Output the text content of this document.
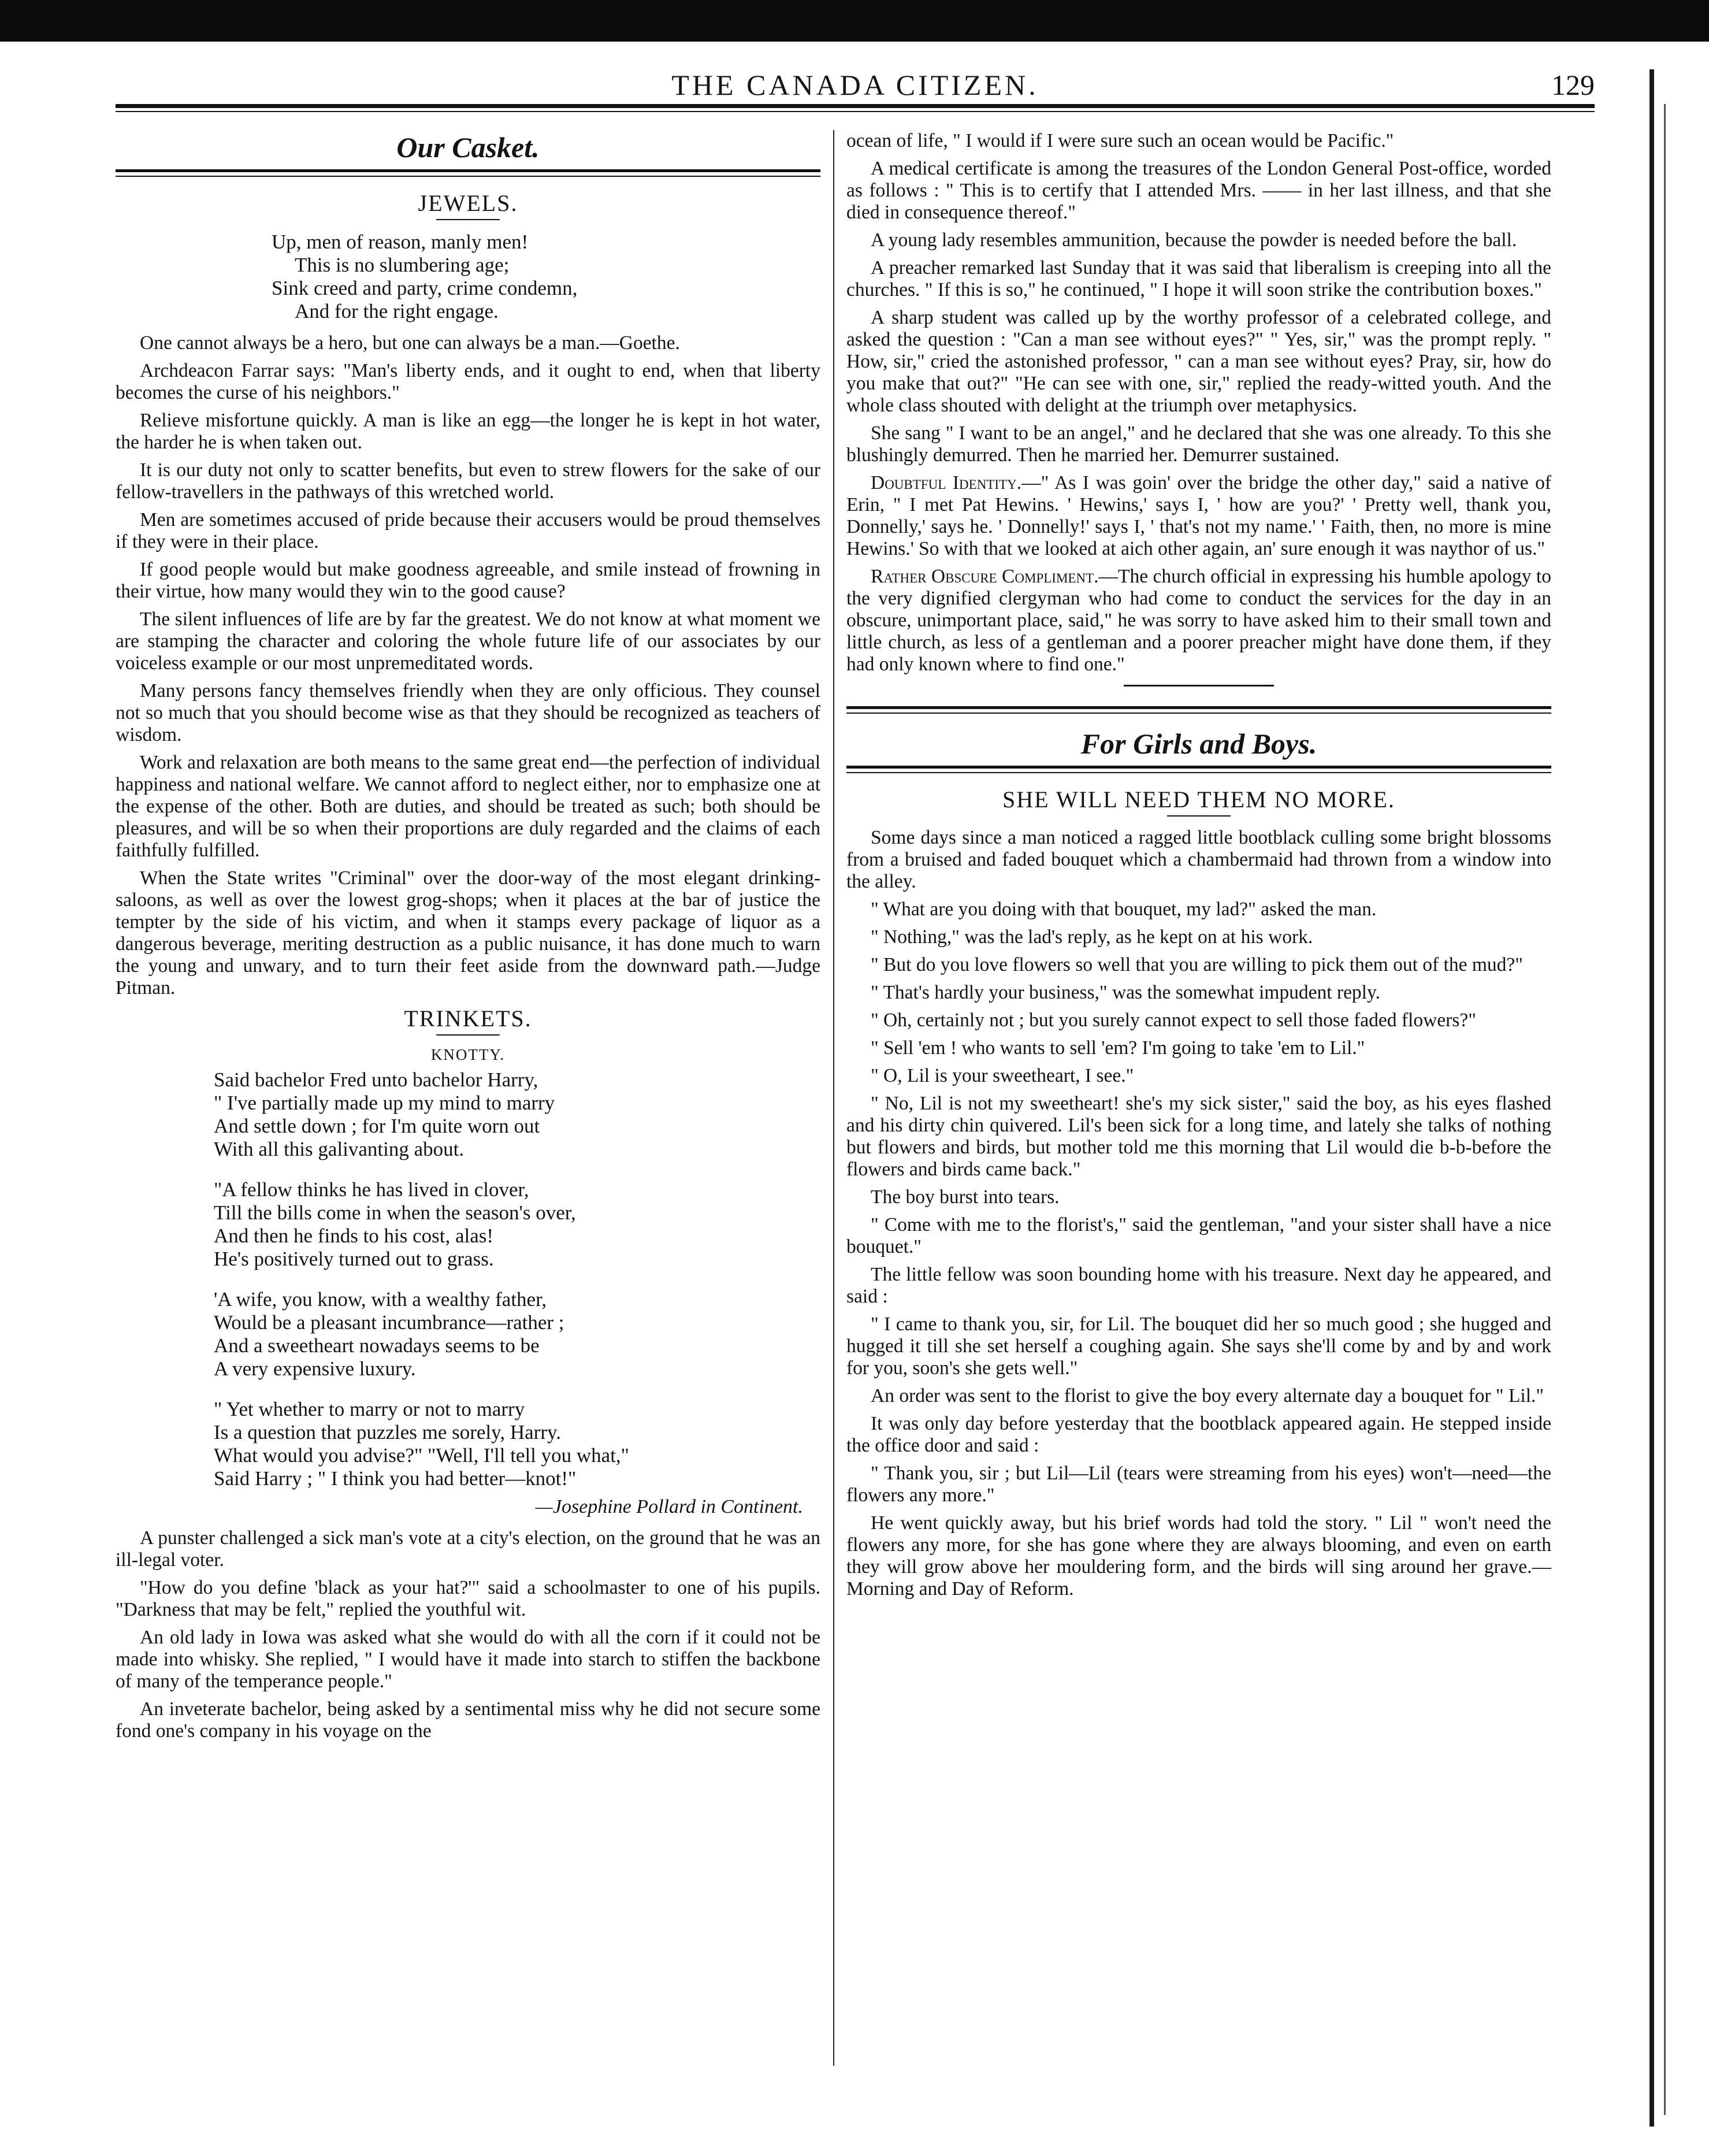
THE CANADA CITIZEN.	129
Our Casket.
JEWELS.
Up, men of reason, manly men!
This is no slumbering age;
Sink creed and party, crime condemn,
And for the right engage.

One cannot always be a hero, but one can always be a man.—Goethe.

Archdeacon Farrar says: "Man's liberty ends, and it ought to end, when that liberty becomes the curse of his neighbors."

Relieve misfortune quickly. A man is like an egg—the longer he is kept in hot water, the harder he is when taken out.

It is our duty not only to scatter benefits, but even to strew flowers for the sake of our fellow-travellers in the pathways of this wretched world.

Men are sometimes accused of pride because their accusers would be proud themselves if they were in their place.

If good people would but make goodness agreeable, and smile instead of frowning in their virtue, how many would they win to the good cause?

The silent influences of life are by far the greatest. We do not know at what moment we are stamping the character and coloring the whole future life of our associates by our voiceless example or our most unpremeditated words.

Many persons fancy themselves friendly when they are only officious. They counsel not so much that you should become wise as that they should be recognized as teachers of wisdom.

Work and relaxation are both means to the same great end—the perfection of individual happiness and national welfare. We cannot afford to neglect either, nor to emphasize one at the expense of the other. Both are duties, and should be treated as such; both should be pleasures, and will be so when their proportions are duly regarded and the claims of each faithfully fulfilled.

When the State writes "Criminal" over the door-way of the most elegant drinking-saloons, as well as over the lowest grog-shops; when it places at the bar of justice the tempter by the side of his victim, and when it stamps every package of liquor as a dangerous beverage, meriting destruction as a public nuisance, it has done much to warn the young and unwary, and to turn their feet aside from the downward path.—Judge Pitman.

TRINKETS.
KNOTTY.
Said bachelor Fred unto bachelor Harry,
" I've partially made up my mind to marry
And settle down ; for I'm quite worn out
With all this galivanting about.
"A fellow thinks he has lived in clover,
Till the bills come in when the season's over,
And then he finds to his cost, alas!
He's positively turned out to grass.
'A wife, you know, with a wealthy father,
Would be a pleasant incumbrance—rather ;
And a sweetheart nowadays seems to be
A very expensive luxury.
" Yet whether to marry or not to marry
Is a question that puzzles me sorely, Harry.
What would you advise?" "Well, I'll tell you what,"
Said Harry ; " I think you had better—knot!"
—Josephine Pollard in Continent.

A punster challenged a sick man's vote at a city's election, on the ground that he was an ill-legal voter.

"How do you define 'black as your hat?'" said a schoolmaster to one of his pupils. "Darkness that may be felt," replied the youthful wit.

An old lady in Iowa was asked what she would do with all the corn if it could not be made into whisky. She replied, " I would have it made into starch to stiffen the backbone of many of the temperance people."

An inveterate bachelor, being asked by a sentimental miss why he did not secure some fond one's company in his voyage on the

ocean of life, " I would if I were sure such an ocean would be Pacific."

A medical certificate is among the treasures of the London General Post-office, worded as follows : " This is to certify that I attended Mrs. —— in her last illness, and that she died in consequence thereof."

A young lady resembles ammunition, because the powder is needed before the ball.

A preacher remarked last Sunday that it was said that liberalism is creeping into all the churches. " If this is so," he continued, " I hope it will soon strike the contribution boxes."

A sharp student was called up by the worthy professor of a celebrated college, and asked the question : "Can a man see without eyes?" " Yes, sir," was the prompt reply. " How, sir," cried the astonished professor, " can a man see without eyes? Pray, sir, how do you make that out?" "He can see with one, sir," replied the ready-witted youth. And the whole class shouted with delight at the triumph over metaphysics.

She sang " I want to be an angel," and he declared that she was one already. To this she blushingly demurred. Then he married her. Demurrer sustained.

Doubtful Identity.—" As I was goin' over the bridge the other day," said a native of Erin, " I met Pat Hewins. ' Hewins,' says I, ' how are you?' ' Pretty well, thank you, Donnelly,' says he. ' Donnelly!' says I, ' that's not my name.' ' Faith, then, no more is mine Hewins.' So with that we looked at aich other again, an' sure enough it was naythor of us."

Rather Obscure Compliment.—The church official in expressing his humble apology to the very dignified clergyman who had come to conduct the services for the day in an obscure, unimportant place, said," he was sorry to have asked him to their small town and little church, as less of a gentleman and a poorer preacher might have done them, if they had only known where to find one."

For Girls and Boys.
SHE WILL NEED THEM NO MORE.

Some days since a man noticed a ragged little bootblack culling some bright blossoms from a bruised and faded bouquet which a chambermaid had thrown from a window into the alley.

" What are you doing with that bouquet, my lad?" asked the man.

" Nothing," was the lad's reply, as he kept on at his work.

" But do you love flowers so well that you are willing to pick them out of the mud?"

" That's hardly your business," was the somewhat impudent reply.

" Oh, certainly not ; but you surely cannot expect to sell those faded flowers?"

" Sell 'em ! who wants to sell 'em? I'm going to take 'em to Lil."

" O, Lil is your sweetheart, I see."

" No, Lil is not my sweetheart! she's my sick sister," said the boy, as his eyes flashed and his dirty chin quivered. Lil's been sick for a long time, and lately she talks of nothing but flowers and birds, but mother told me this morning that Lil would die b-b-before the flowers and birds came back."

The boy burst into tears.

" Come with me to the florist's," said the gentleman, "and your sister shall have a nice bouquet."

The little fellow was soon bounding home with his treasure. Next day he appeared, and said :

" I came to thank you, sir, for Lil. The bouquet did her so much good ; she hugged and hugged it till she set herself a coughing again. She says she'll come by and by and work for you, soon's she gets well."

An order was sent to the florist to give the boy every alternate day a bouquet for " Lil."

It was only day before yesterday that the bootblack appeared again. He stepped inside the office door and said :

" Thank you, sir ; but Lil—Lil (tears were streaming from his eyes) won't—need—the flowers any more."

He went quickly away, but his brief words had told the story. " Lil " won't need the flowers any more, for she has gone where they are always blooming, and even on earth they will grow above her mouldering form, and the birds will sing around her grave.—Morning and Day of Reform.
